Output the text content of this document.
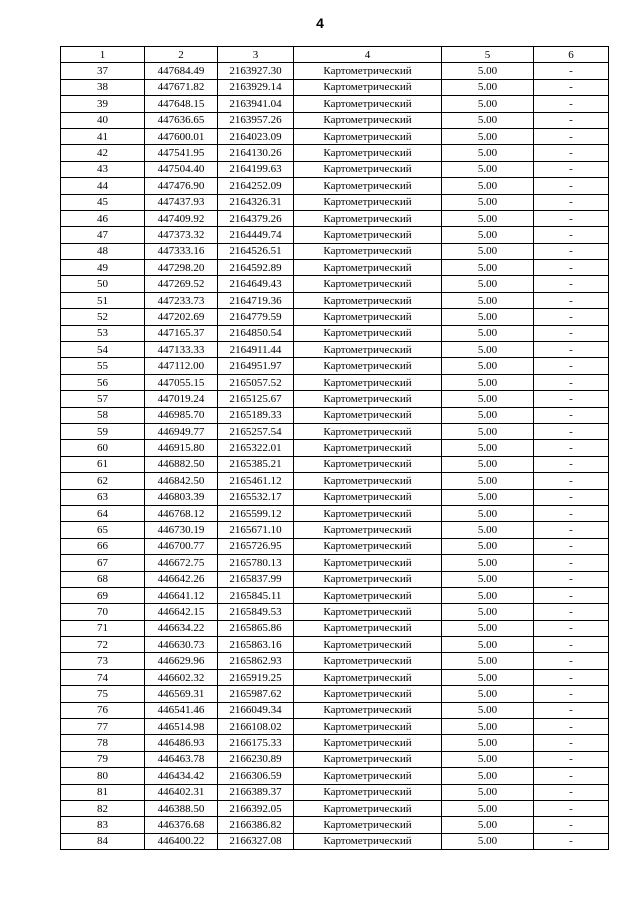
4
1	2	3	4	5	6
37	447684.49	2163927.30	Картометрический	5.00	-
38	447671.82	2163929.14	Картометрический	5.00	-
39	447648.15	2163941.04	Картометрический	5.00	-
40	447636.65	2163957.26	Картометрический	5.00	-
41	447600.01	2164023.09	Картометрический	5.00	-
42	447541.95	2164130.26	Картометрический	5.00	-
43	447504.40	2164199.63	Картометрический	5.00	-
44	447476.90	2164252.09	Картометрический	5.00	-
45	447437.93	2164326.31	Картометрический	5.00	-
46	447409.92	2164379.26	Картометрический	5.00	-
47	447373.32	2164449.74	Картометрический	5.00	-
48	447333.16	2164526.51	Картометрический	5.00	-
49	447298.20	2164592.89	Картометрический	5.00	-
50	447269.52	2164649.43	Картометрический	5.00	-
51	447233.73	2164719.36	Картометрический	5.00	-
52	447202.69	2164779.59	Картометрический	5.00	-
53	447165.37	2164850.54	Картометрический	5.00	-
54	447133.33	2164911.44	Картометрический	5.00	-
55	447112.00	2164951.97	Картометрический	5.00	-
56	447055.15	2165057.52	Картометрический	5.00	-
57	447019.24	2165125.67	Картометрический	5.00	-
58	446985.70	2165189.33	Картометрический	5.00	-
59	446949.77	2165257.54	Картометрический	5.00	-
60	446915.80	2165322.01	Картометрический	5.00	-
61	446882.50	2165385.21	Картометрический	5.00	-
62	446842.50	2165461.12	Картометрический	5.00	-
63	446803.39	2165532.17	Картометрический	5.00	-
64	446768.12	2165599.12	Картометрический	5.00	-
65	446730.19	2165671.10	Картометрический	5.00	-
66	446700.77	2165726.95	Картометрический	5.00	-
67	446672.75	2165780.13	Картометрический	5.00	-
68	446642.26	2165837.99	Картометрический	5.00	-
69	446641.12	2165845.11	Картометрический	5.00	-
70	446642.15	2165849.53	Картометрический	5.00	-
71	446634.22	2165865.86	Картометрический	5.00	-
72	446630.73	2165863.16	Картометрический	5.00	-
73	446629.96	2165862.93	Картометрический	5.00	-
74	446602.32	2165919.25	Картометрический	5.00	-
75	446569.31	2165987.62	Картометрический	5.00	-
76	446541.46	2166049.34	Картометрический	5.00	-
77	446514.98	2166108.02	Картометрический	5.00	-
78	446486.93	2166175.33	Картометрический	5.00	-
79	446463.78	2166230.89	Картометрический	5.00	-
80	446434.42	2166306.59	Картометрический	5.00	-
81	446402.31	2166389.37	Картометрический	5.00	-
82	446388.50	2166392.05	Картометрический	5.00	-
83	446376.68	2166386.82	Картометрический	5.00	-
84	446400.22	2166327.08	Картометрический	5.00	-
